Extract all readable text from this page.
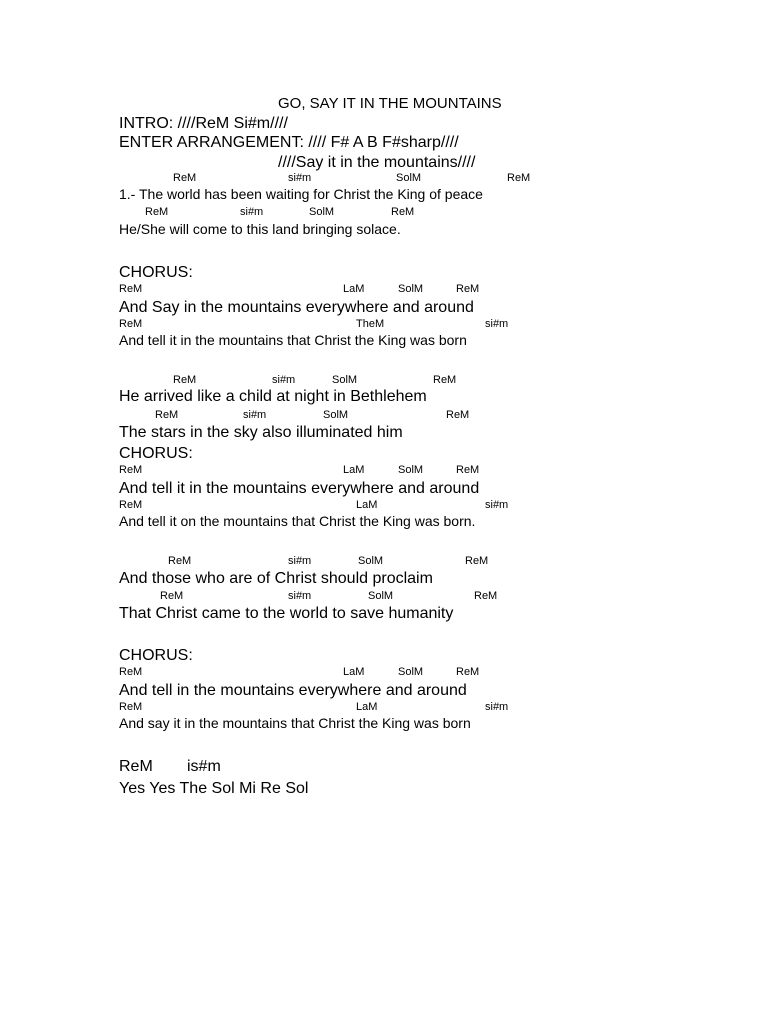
GO, SAY IT IN THE MOUNTAINS
INTRO: ////ReM Si#m////
ENTER ARRANGEMENT: //// F# A B F#sharp////
////Say it in the mountains////
ReM	si#m	SolM	ReM
1.- The world has been waiting for Christ the King of peace
ReM	si#m	SolM	ReM
He/She will come to this land bringing solace.
CHORUS:
ReM	LaM	SolM	ReM
And Say in the mountains everywhere and around
ReM	TheM	si#m
And tell it in the mountains that Christ the King was born
ReM	si#m	SolM	ReM
He arrived like a child at night in Bethlehem
ReM	si#m	SolM	ReM
The stars in the sky also illuminated him
CHORUS:
ReM	LaM	SolM	ReM
And tell it in the mountains everywhere and around
ReM	LaM	si#m
And tell it on the mountains that Christ the King was born.
ReM	si#m	SolM	ReM
And those who are of Christ should proclaim
ReM	si#m	SolM	ReM
That Christ came to the world to save humanity
CHORUS:
ReM	LaM	SolM	ReM
And tell in the mountains everywhere and around
ReM	LaM	si#m
And say it in the mountains that Christ the King was born
ReM is#m
Yes Yes The Sol Mi Re Sol
